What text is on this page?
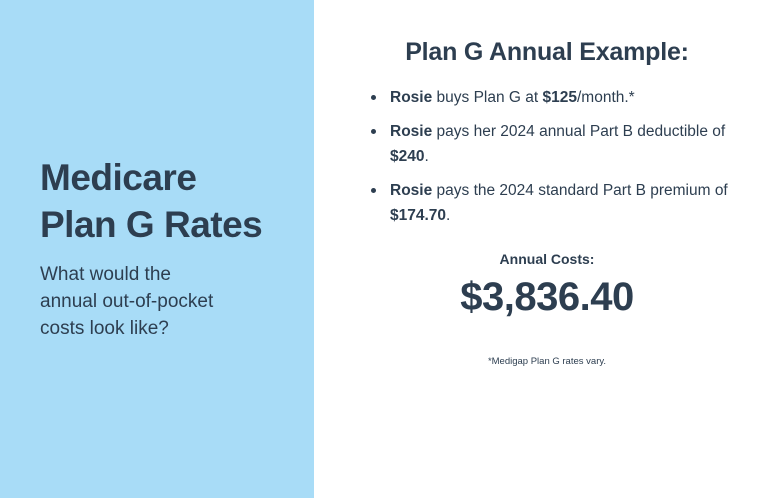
Medicare
Plan G Rates

What would the
annual out-of-pocket
costs look like?

Plan G Annual Example:
Rosie buys Plan G at $125/month.*
Rosie pays her 2024 annual Part B deductible of $240.
Rosie pays the 2024 standard Part B premium of $174.70.

Annual Costs:

$3,836.40

*Medigap Plan G rates vary.
